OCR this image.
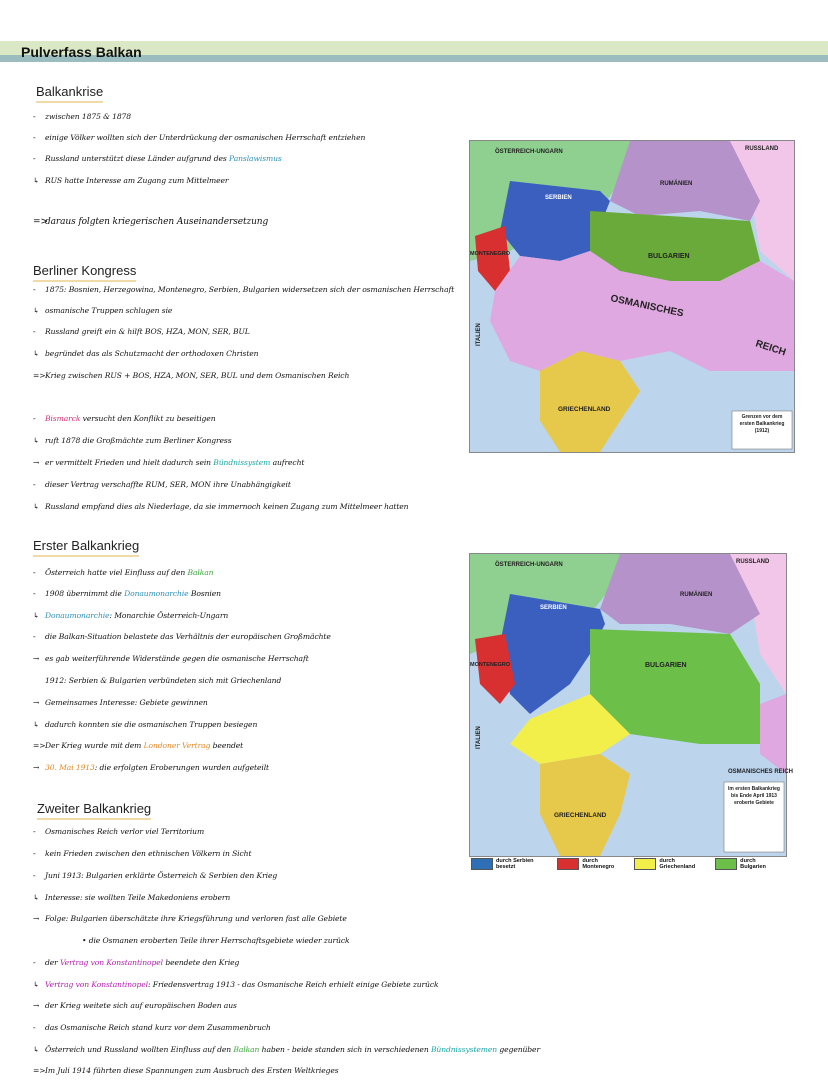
Pulverfass Balkan
Balkankrise
- zwischen 1875 & 1878
- einige Völker wollten sich der Unterdrückung der osmanischen Herrschaft entziehen
- Russland unterstützt diese Länder aufgrund des Panslawismus
↳ RUS hatte Interesse am Zugang zum Mittelmeer
=>daraus folgten kriegerischen Auseinandersetzung
Berliner Kongress
- 1875: Bosnien, Herzegowina, Montenegro, Serbien, Bulgarien widersetzen sich der osmanischen Herrschaft
↳ osmanische Truppen schlugen sie
- Russland greift ein & hilft BOS, HZA, MON, SER, BUL
↳ begründet das als Schutzmacht der orthodoxen Christen
=>Krieg zwischen RUS + BOS, HZA, MON, SER, BUL und dem Osmanischen Reich
- Bismarck versucht den Konflikt zu beseitigen
↳ ruft 1878 die Großmächte zum Berliner Kongress
→ er vermittelt Frieden und hielt dadurch sein Bündnissystem aufrecht
- dieser Vertrag verschaffte RUM, SER, MON ihre Unabhängigkeit
↳ Russland empfand dies als Niederlage, da sie immernoch keinen Zugang zum Mittelmeer hatten
Erster Balkankrieg
- Österreich hatte viel Einfluss auf den Balkan
- 1908 übernimmt die Donaumonarchie Bosnien
↳ Donaumonarchie: Monarchie Österreich-Ungarn
- die Balkan-Situation belastete das Verhältnis der europäischen Großmächte
→ es gab weiterführende Widerstände gegen die osmanische Herrschaft
1912: Serbien & Bulgarien verbündeten sich mit Griechenland
→ Gemeinsames Interesse: Gebiete gewinnen
↳ dadurch konnten sie die osmanischen Truppen besiegen
=>Der Krieg wurde mit dem Londoner Vertrag beendet
→ 30. Mai 1913: die erfolgten Eroberungen wurden aufgeteilt
Zweiter Balkankrieg
- Osmanisches Reich verlor viel Territorium
- kein Frieden zwischen den ethnischen Völkern in Sicht
- Juni 1913: Bulgarien erklärte Österreich & Serbien den Krieg
↳ Interesse: sie wollten Teile Makedoniens erobern
→ Folge: Bulgarien überschätzte ihre Kriegsführung und verloren fast alle Gebiete
• die Osmanen eroberten Teile ihrer Herrschaftsgebiete wieder zurück
- der Vertrag von Konstantinopel beendete den Krieg
↳ Vertrag von Konstantinopel: Friedensvertrag 1913 - das Osmanische Reich erhielt einige Gebiete zurück
→ der Krieg weitete sich auf europäischen Boden aus
- das Osmanische Reich stand kurz vor dem Zusammenbruch
↳ Österreich und Russland wollten Einfluss auf den Balkan haben - beide standen sich in verschiedenen Bündnissystemen gegenüber
=>Im Juli 1914 führten diese Spannungen zum Ausbruch des Ersten Weltkrieges
ÖSTERREICH-UNGARN	RUSSLAND
SERBIEN
RUMÄNIEN
MONTENEGRO	BULGARIEN
OSMANISCHES
REICH
ITALIEN
GRIECHENLAND
Grenzen vor dem
ersten Balkankrieg
(1912)
ÖSTERREICH-UNGARN	RUSSLAND
SERBIEN
RUMÄNIEN
MONTENEGRO	BULGARIEN
OSMANISCHES REICH
ITALIEN
GRIECHENLAND
Im ersten Balkankrieg
bis Ende April 1913
eroberte Gebiete
durch Serbien besetzt
durch Montenegro
durch Griechenland
durch Bulgarien
